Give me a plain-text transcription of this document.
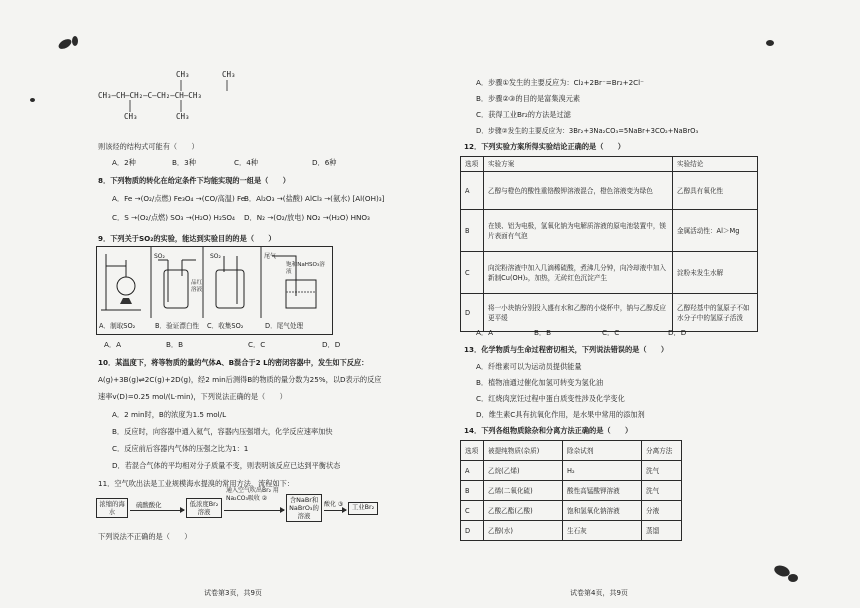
CH₃	CH₃
CH₃—CH—CH₂—C—CH₂—CH—CH₃
CH₃	CH₃
则该烃的结构式可能有（　　）
A．2种	B．3种	C．4种	D．6种
8．下列物质的转化在给定条件下均能实现的一组是（　　）
A．Fe →(O₂/点燃) Fe₃O₄ →(CO/高温) Fe
B．Al₂O₃ →(盐酸) AlCl₃ →(氨水) [Al(OH)₃]
C．S →(O₂/点燃) SO₃ →(H₂O) H₂SO₄ D．N₂ →(O₂/放电) NO₂ →(H₂O) HNO₃
9．下列关于SO₂的实验，能达到实验目的的是（　　）
SO₂
品红溶液
SO₂	尾气
饱和NaHSO₃溶液
A．制取SO₂	B．验证漂白性 C．收集SO₂	D．尾气处理
A．A	B．B	C．C	D．D
10．某温度下，将等物质的量的气体A、B混合于2 L的密闭容器中，发生如下反应：
A(g)+3B(g)⇌2C(g)+2D(g)，经2 min后测得B的物质的量分数为25%，以D表示的反应
速率v(D)=0.25 mol/(L·min)，下列说法正确的是（　　）
A．2 min时，B的浓度为1.5 mol/L
B．反应时，向容器中通入氦气，容器内压强增大，化学反应速率加快
C．反应前后容器内气体的压强之比为1：1
D．若混合气体的平均相对分子质量不变，则表明该反应已达到平衡状态
11．空气吹出法是工业规模海水提溴的常用方法，流程如下：
浓缩的海水
硫酸酸化	低浓度Br₂溶液
通入空气吹出Br₂ 用Na₂CO₃吸收 ②	含NaBr和NaBrO₃的溶液
酸化 ③	工业Br₂
下列说法不正确的是（　　）
试卷第3页，共9页
A．步骤①发生的主要反应为：Cl₂+2Br⁻=Br₂+2Cl⁻
B．步骤②③的目的是富集溴元素
C．获得工业Br₂的方法是过滤
D．步骤②发生的主要反应为：3Br₂+3Na₂CO₃=5NaBr+3CO₂+NaBrO₃
12．下列实验方案所得实验结论正确的是（　　）
选项	实验方案	实验结论
A	乙醇与橙色的酸性重铬酸钾溶液混合，橙色溶液变为绿色	乙醇具有氧化性
B	在镁、铝为电极，氢氧化钠为电解质溶液的原电池装置中，镁片表面有气泡	金属活动性：Al＞Mg
C	向淀粉溶液中加入几滴稀硫酸，煮沸几分钟，向冷却液中加入新制Cu(OH)₂，加热，无砖红色沉淀产生	淀粉未发生水解
D	将一小块钠分别投入盛有水和乙醇的小烧杯中，钠与乙醇反应更平缓	乙醇羟基中的氢原子不如水分子中的氢原子活泼
A．A	B．B	C．C	D．D
13．化学物质与生命过程密切相关，下列说法错误的是（　　）
A．纤维素可以为运动员提供能量
B．植物油通过催化加氢可转变为氢化油
C．红烧肉烹饪过程中蛋白质变性涉及化学变化
D．维生素C具有抗氧化作用，是水果中常用的添加剂
14．下列各组物质除杂和分离方法正确的是（　　）
选项	被提纯物质(杂质)	除杂试剂	分离方法
A	乙烷(乙烯)	H₂	洗气
B	乙烯(二氧化硫)	酸性高锰酸钾溶液	洗气
C	乙酸乙酯(乙酸)	饱和氢氧化钠溶液	分液
D	乙醇(水)	生石灰	蒸馏
试卷第4页，共9页
